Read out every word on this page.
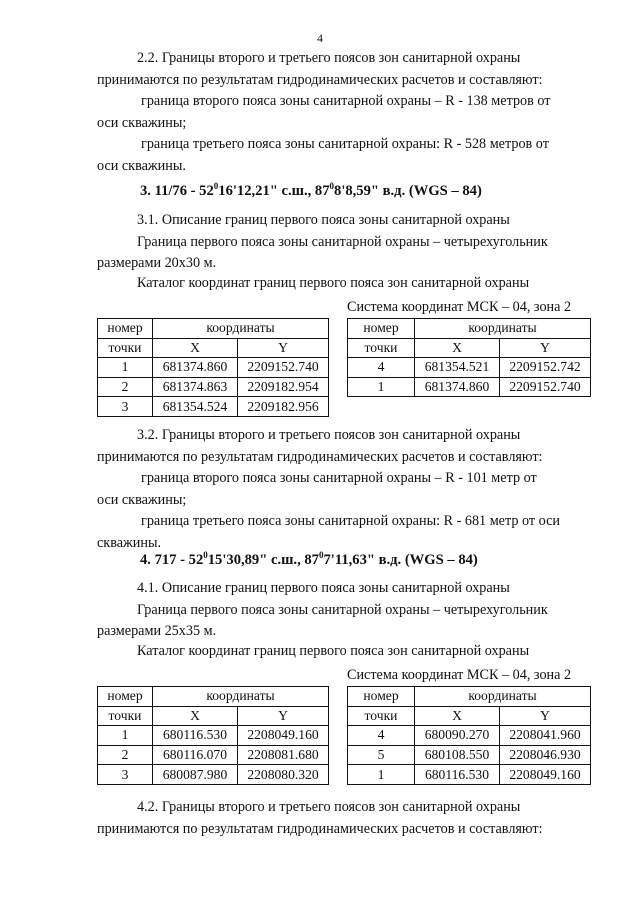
4
2.2. Границы второго и третьего поясов зон санитарной охраны
принимаются по результатам гидродинамических расчетов и составляют:
граница второго пояса зоны санитарной охраны – R - 138 метров от
оси скважины;
граница третьего пояса зоны санитарной охраны: R - 528 метров от
оси скважины.
3. $11/76 - 52^016'12,21$" с.ш., $87^08'8,59$" в.д. (WGS – 84)
3.1. Описание границ первого пояса зоны санитарной охраны
Граница первого пояса зоны санитарной охраны – четырехугольник
размерами 20x30 м.
Каталог координат границ первого пояса зон санитарной охраны
Система координат МСК – 04, зона 2
номер	координаты	
точки	X	Y
1	681374.860	2209152.740
2	681374.863	2209182.954
3	681354.524	2209182.956
номер	координаты	
точки	X	Y
4	681354.521	2209152.742
1	681374.860	2209152.740
3.2. Границы второго и третьего поясов зон санитарной охраны
принимаются по результатам гидродинамических расчетов и составляют:
граница второго пояса зоны санитарной охраны – R - 101 метр от
оси скважины;
граница третьего пояса зоны санитарной охраны: R - 681 метр от оси
скважины.
4. $717 - 52^015'30,89$" с.ш., $87^07'11,63$" в.д. (WGS – 84)
4.1. Описание границ первого пояса зоны санитарной охраны
Граница первого пояса зоны санитарной охраны – четырехугольник
размерами 25x35 м.
Каталог координат границ первого пояса зон санитарной охраны
Система координат МСК – 04, зона 2
номер	координаты	
точки	X	Y
1	680116.530	2208049.160
2	680116.070	2208081.680
3	680087.980	2208080.320
номер	координаты	
точки	X	Y
4	680090.270	2208041.960
5	680108.550	2208046.930
1	680116.530	2208049.160
4.2. Границы второго и третьего поясов зон санитарной охраны
принимаются по результатам гидродинамических расчетов и составляют:
